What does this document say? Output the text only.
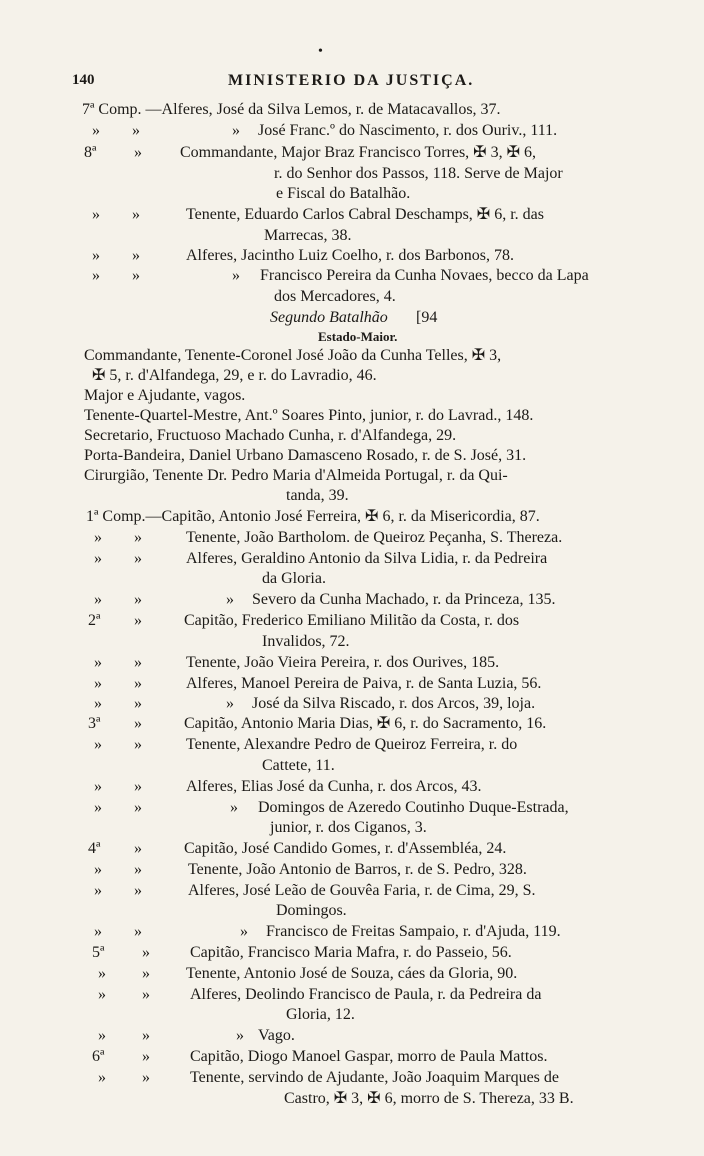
•
140	MINISTERIO DA JUSTIÇA.
7ª Comp. —Alferes, José da Silva Lemos, r. de Matacavallos, 37.
» »	» José Franc.º do Nascimento, r. dos Ouriv., 111.
8ª » Commandante, Major Braz Francisco Torres, ✠ 3, ✠ 6,
r. do Senhor dos Passos, 118. Serve de Major
e Fiscal do Batalhão.
» »	Tenente, Eduardo Carlos Cabral Deschamps, ✠ 6, r. das
Marrecas, 38.
» »	Alferes, Jacintho Luiz Coelho, r. dos Barbonos, 78.
» »	» Francisco Pereira da Cunha Novaes, becco da Lapa
dos Mercadores, 4.
Segundo Batalhão [94
Estado-Maior.
Commandante, Tenente-Coronel José João da Cunha Telles, ✠ 3,
✠ 5, r. d'Alfandega, 29, e r. do Lavradio, 46.
Major e Ajudante, vagos.
Tenente-Quartel-Mestre, Ant.º Soares Pinto, junior, r. do Lavrad., 148.
Secretario, Fructuoso Machado Cunha, r. d'Alfandega, 29.
Porta-Bandeira, Daniel Urbano Damasceno Rosado, r. de S. José, 31.
Cirurgião, Tenente Dr. Pedro Maria d'Almeida Portugal, r. da Qui-
tanda, 39.
1ª Comp.—Capitão, Antonio José Ferreira, ✠ 6, r. da Misericordia, 87.
» »	Tenente, João Bartholom. de Queiroz Peçanha, S. Thereza.
» »	Alferes, Geraldino Antonio da Silva Lidia, r. da Pedreira
da Gloria.
» »	» Severo da Cunha Machado, r. da Princeza, 135.
2ª »	Capitão, Frederico Emiliano Militão da Costa, r. dos
Invalidos, 72.
» »	Tenente, João Vieira Pereira, r. dos Ourives, 185.
» »	Alferes, Manoel Pereira de Paiva, r. de Santa Luzia, 56.
» »	» José da Silva Riscado, r. dos Arcos, 39, loja.
3ª »	Capitão, Antonio Maria Dias, ✠ 6, r. do Sacramento, 16.
» »	Tenente, Alexandre Pedro de Queiroz Ferreira, r. do
Cattete, 11.
» »	Alferes, Elias José da Cunha, r. dos Arcos, 43.
» »	» Domingos de Azeredo Coutinho Duque-Estrada,
junior, r. dos Ciganos, 3.
4ª »	Capitão, José Candido Gomes, r. d'Assembléa, 24.
» »	Tenente, João Antonio de Barros, r. de S. Pedro, 328.
» »	Alferes, José Leão de Gouvêa Faria, r. de Cima, 29, S.
Domingos.
» »	» Francisco de Freitas Sampaio, r. d'Ajuda, 119.
5ª »	Capitão, Francisco Maria Mafra, r. do Passeio, 56.
» » Tenente, Antonio José de Souza, cáes da Gloria, 90.
» »	Alferes, Deolindo Francisco de Paula, r. da Pedreira da
Gloria, 12.
» »	» Vago.
6ª »	Capitão, Diogo Manoel Gaspar, morro de Paula Mattos.
» »	Tenente, servindo de Ajudante, João Joaquim Marques de
Castro, ✠ 3, ✠ 6, morro de S. Thereza, 33 B.
